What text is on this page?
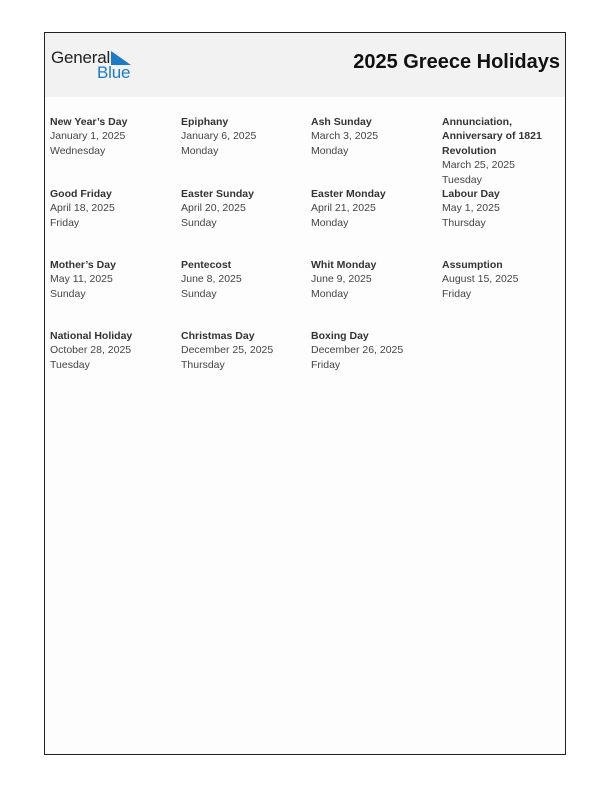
General
Blue	2025 Greece Holidays
New Year’s Day
January 1, 2025
Wednesday
Epiphany
January 6, 2025
Monday
Ash Sunday
March 3, 2025
Monday
Annunciation, Anniversary of 1821 Revolution
March 25, 2025
Tuesday
Good Friday
April 18, 2025
Friday
Easter Sunday
April 20, 2025
Sunday
Easter Monday
April 21, 2025
Monday
Labour Day
May 1, 2025
Thursday
Mother’s Day
May 11, 2025
Sunday
Pentecost
June 8, 2025
Sunday
Whit Monday
June 9, 2025
Monday
Assumption
August 15, 2025
Friday
National Holiday
October 28, 2025
Tuesday
Christmas Day
December 25, 2025
Thursday
Boxing Day
December 26, 2025
Friday
